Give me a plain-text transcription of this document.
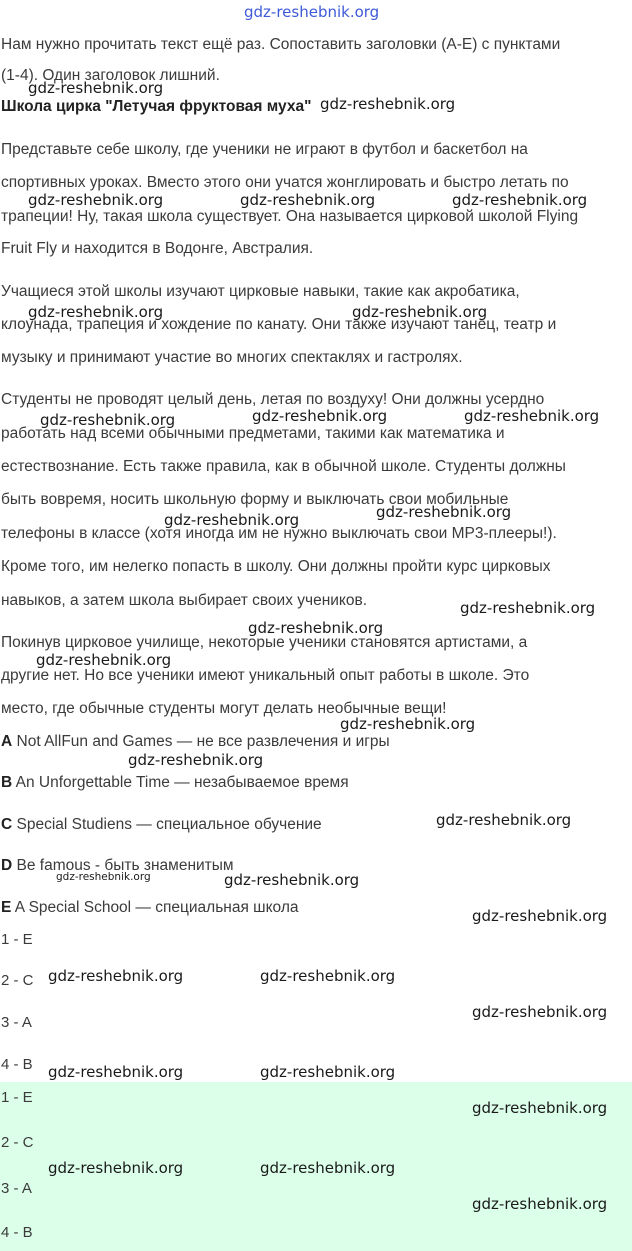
gdz-reshebnik.org
Нам нужно прочитать текст ещё раз. Сопоставить заголовки (A-E) с пунктами
(1-4). Один заголовок лишний.
Школа цирка "Летучая фруктовая муха"
Представьте себе школу, где ученики не играют в футбол и баскетбол на
спортивных уроках. Вместо этого они учатся жонглировать и быстро летать по
трапеции! Ну, такая школа существует. Она называется цирковой школой Flying
Fruit Fly и находится в Водонге, Австралия.
Учащиеся этой школы изучают цирковые навыки, такие как акробатика,
клоунада, трапеция и хождение по канату. Они также изучают танец, театр и
музыку и принимают участие во многих спектаклях и гастролях.
Студенты не проводят целый день, летая по воздуху! Они должны усердно
работать над всеми обычными предметами, такими как математика и
естествознание. Есть также правила, как в обычной школе. Студенты должны
быть вовремя, носить школьную форму и выключать свои мобильные
телефоны в классе (хотя иногда им не нужно выключать свои MP3-плееры!).
Кроме того, им нелегко попасть в школу. Они должны пройти курс цирковых
навыков, а затем школа выбирает своих учеников.
Покинув цирковое училище, некоторые ученики становятся артистами, а
другие нет. Но все ученики имеют уникальный опыт работы в школе. Это
место, где обычные студенты могут делать необычные вещи!
A Not AllFun and Games — не все развлечения и игры
B An Unforgettable Time — незабываемое время
C Special Studiens — специальное обучение
D Be famous - быть знаменитым
E A Special School — специальная школа
1 - E
2 - C
3 - A
4 - B
1 - E
2 - C
3 - A
4 - B
gdz-reshebnik.org
gdz-reshebnik.org
gdz-reshebnik.org	gdz-reshebnik.org	gdz-reshebnik.org
gdz-reshebnik.org	gdz-reshebnik.org
gdz-reshebnik.org	gdz-reshebnik.org	gdz-reshebnik.org
gdz-reshebnik.org
gdz-reshebnik.org
gdz-reshebnik.org
gdz-reshebnik.org
gdz-reshebnik.org
gdz-reshebnik.org
gdz-reshebnik.org
gdz-reshebnik.org
gdz-reshebnik.org	gdz-reshebnik.org
gdz-reshebnik.org
gdz-reshebnik.org	gdz-reshebnik.org
gdz-reshebnik.org
gdz-reshebnik.org	gdz-reshebnik.org
gdz-reshebnik.org
gdz-reshebnik.org	gdz-reshebnik.org
gdz-reshebnik.org
